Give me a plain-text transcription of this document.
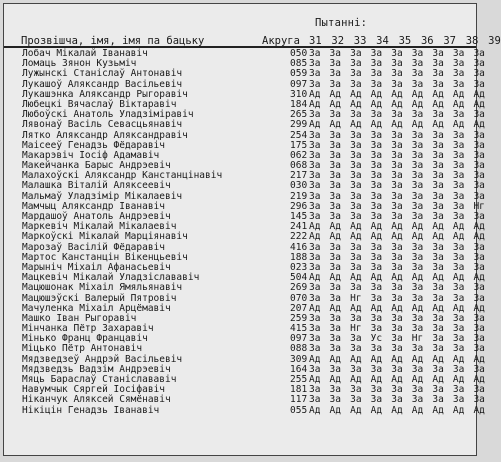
Пытанні:
Прозвішча, імя, імя па бацьку	Акруга 31 32 33 34 35 36 37 38 39
Лобач Мікалай Іванавіч	050 За За За За За За За За За
Ломаць Зянон Кузьміч	085 За За За За За За За За За
Лужынскі Станіслаў Антонавіч	059 За За За За За За За За За
Лукашоў Аляксандр Васільевіч	097 За За За За За За За За За
Лукашэнка Аляксандр Рыгоравіч	310 Ад Ад Ад Ад Ад Ад Ад Ад Ад
Любецкі Вячаслаў Віктаравіч	184 Ад Ад Ад Ад Ад Ад Ад Ад Ад
Любоўскі Анатоль Уладзіміравіч	265 За За За За За За За За За
Лявонаў Васіль Севасцьянавіч	299 Ад Ад Ад Ад Ад Ад Ад Ад Ад
Лятко Аляксандр Аляксандравіч	254 За За За За За За За За За
Маісееў Генадзь Фёдаравіч	175 За За За За За За За За За
Макарэвіч Іосіф Адамавіч	062 За За За За За За За За За
Макейчанка Барыс Андрэевіч	068 За За За За За За За За За
Малахоўскі Аляксандр Канстанцінавіч	217 За За За За За За За За За
Малашка Віталій Аляксеевіч	030 За За За За За За За За За
Мальмаў Уладзімір Мікалаевіч	219 За За За За За За За За За
Мамчыц Аляксандр Іванавіч	296 За За За За За За За За Нг
Мардашоў Анатоль Андрэевіч	145 За За За За За За За За За
Маркевіч Мікалай Мікалаевіч	241 Ад Ад Ад Ад Ад Ад Ад Ад Ад
Маркоўскі Мікалай Марціянавіч	222 Ад Ад Ад Ад Ад Ад Ад Ад Ад
Марозаў Васілій Фёдаравіч	416 За За За За За За За За За
Мартос Канстанцін Вікенцьевіч	188 За За За За За За За За За
Марыніч Міхаіл Афанасьевіч	023 За За За За За За За За За
Мацкевіч Мікалай Уладзіслававіч	504 Ад Ад Ад Ад Ад Ад Ад Ад Ад
Мацюшонак Міхаіл Ямяльянавіч	269 За За За За За За За За За
Мацюшэўскі Валерый Пятровіч	070 За За Нг За За За За За За
Мачуленка Міхаіл Арцёмавіч	207 Ад Ад Ад Ад Ад Ад Ад Ад Ад
Машко Іван Рыгоравіч	259 За За За За За За За За За
Мінчанка Пётр Захаравіч	415 За За Нг За За За За За За
Мінько Франц Францавіч	097 За За За Ус За Нг За За За
Міцько Пётр Антонавіч	088 За За За За За За За За За
Мядзведзеў Андрэй Васільевіч	309 Ад Ад Ад Ад Ад Ад Ад Ад Ад
Мядзведзь Вадзім Андрэевіч	164 За За За За За За За За За
Мяць Бараслаў Станіслававіч	255 Ад Ад Ад Ад Ад Ад Ад Ад Ад
Навумчык Сяргей Іосіфавіч	181 За За За За За За За За За
Ніканчук Аляксей Сямёнавіч	117 За За За За За За За За За
Нікіцін Генадзь Іванавіч	055 Ад Ад Ад Ад Ад Ад Ад Ад Ад
